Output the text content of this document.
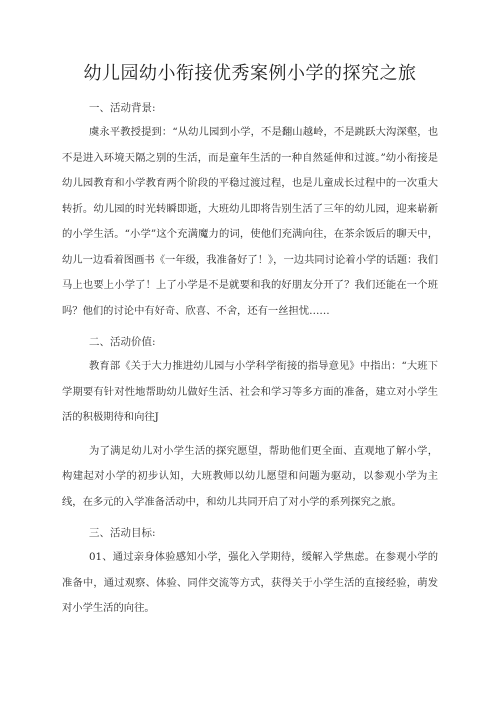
幼儿园幼小衔接优秀案例小学的探究之旅
一、活动背景:

虞永平教授提到：“从幼儿园到小学，不是翻山越岭，不是跳跃大沟深壑，也不是进入环境天隔之别的生活，而是童年生活的一种自然延伸和过渡。”幼小衔接是幼儿园教育和小学教育两个阶段的平稳过渡过程，也是儿童成长过程中的一次重大转折。幼儿园的时光转瞬即逝，大班幼儿即将告别生活了三年的幼儿园，迎来崭新的小学生活。“小学”这个充满魔力的词，使他们充满向往，在茶余饭后的聊天中，幼儿一边看着图画书《一年级，我准备好了！》，一边共同讨论着小学的话题：我们马上也要上小学了！上了小学是不是就要和我的好朋友分开了？我们还能在一个班吗？他们的讨论中有好奇、欣喜、不舍，还有一丝担忧……

二、活动价值:

教育部《关于大力推进幼儿园与小学科学衔接的指导意见》中指出：“大班下学期要有针对性地帮助幼儿做好生活、社会和学习等多方面的准备，建立对小学生活的积极期待和向往J

为了满足幼儿对小学生活的探究愿望，帮助他们更全面、直观地了解小学，构建起对小学的初步认知，大班教师以幼儿愿望和问题为驱动，以参观小学为主线，在多元的入学准备活动中，和幼儿共同开启了对小学的系列探究之旅。

三、活动目标:

01、通过亲身体验感知小学，强化入学期待，缓解入学焦虑。在参观小学的准备中，通过观察、体验、同伴交流等方式，获得关于小学生活的直接经验，萌发对小学生活的向往。
